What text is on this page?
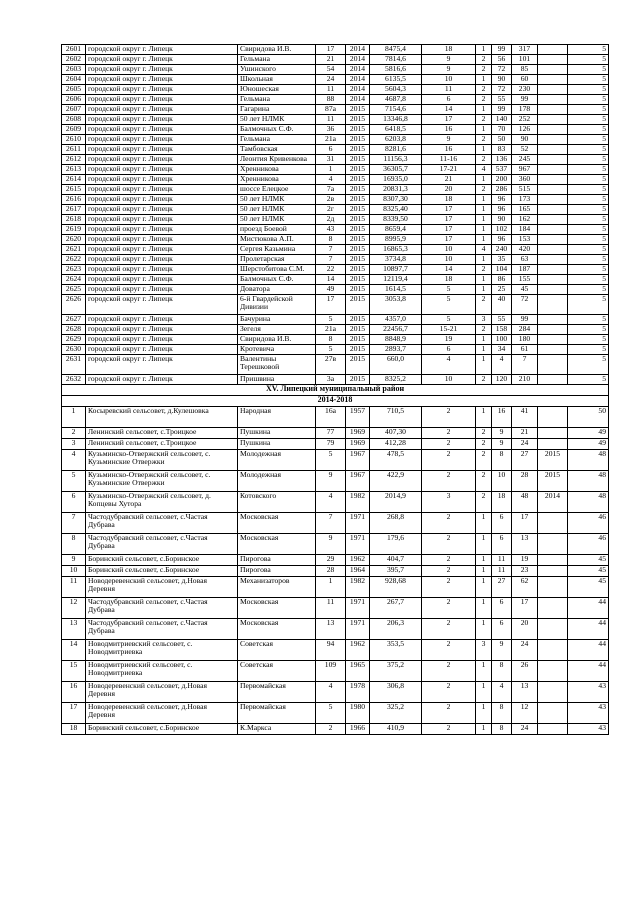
2601	городской округ г. Липецк	Свиридова И.В.	17	2014	8475,4	18	1	99	317		5
2602	городской округ г. Липецк	Гельмана	21	2014	7814,6	9	2	56	101		5
2603	городской округ г. Липецк	Ушинского	54	2014	5816,6	9	2	72	85		5
2604	городской округ г. Липецк	Школьная	24	2014	6135,5	10	1	90	60		5
2605	городской округ г. Липецк	Юношеская	11	2014	5604,3	11	2	72	230		5
2606	городской округ г. Липецк	Гельмана	88	2014	4687,8	6	2	55	99		5
2607	городской округ г. Липецк	Гагарина	87а	2015	7154,6	14	1	99	178		5
2608	городской округ г. Липецк	50 лет НЛМК	11	2015	13346,8	17	2	140	252		5
2609	городской округ г. Липецк	Балмочных С.Ф.	36	2015	6418,5	16	1	70	126		5
2610	городской округ г. Липецк	Гельмана	21а	2015	6203,8	9	2	50	90		5
2611	городской округ г. Липецк	Тамбовская	6	2015	8281,6	16	1	83	52		5
2612	городской округ г. Липецк	Леонтия Кривенкова	31	2015	11156,3	11-16	2	136	245		5
2613	городской округ г. Липецк	Хренникова	1	2015	36305,7	17-21	4	537	967		5
2614	городской округ г. Липецк	Хренникова	4	2015	16935,0	21	1	200	360		5
2615	городской округ г. Липецк	шоссе Елецкое	7а	2015	20831,3	20	2	286	515		5
2616	городской округ г. Липецк	50 лет НЛМК	2в	2015	8307,30	18	1	96	173		5
2617	городской округ г. Липецк	50 лет НЛМК	2г	2015	8325,40	17	1	96	165		5
2618	городской округ г. Липецк	50 лет НЛМК	2д	2015	8339,50	17	1	90	162		5
2619	городской округ г. Липецк	проезд Боевой	43	2015	8659,4	17	1	102	184		5
2620	городской округ г. Липецк	Мистюкова А.П.	8	2015	8995,9	17	1	96	153		5
2621	городской округ г. Липецк	Сергея Казьмина	7	2015	16865,3	10	4	240	420		5
2622	городской округ г. Липецк	Пролетарская	7	2015	3734,8	10	1	35	63		5
2623	городской округ г. Липецк	Шерстобитова С.М.	22	2015	10897,7	14	2	104	187		5
2624	городской округ г. Липецк	Балмочных С.Ф.	14	2015	12119,4	18	1	86	155		5
2625	городской округ г. Липецк	Доватора	49	2015	1614,5	5	1	25	45		5
2626	городской округ г. Липецк	6-й Гвардейской Дивизии	17	2015	3053,8	5	2	40	72		5
2627	городской округ г. Липецк	Бачурина	5	2015	4357,0	5	3	55	99		5
2628	городской округ г. Липецк	Зегеля	21а	2015	22456,7	15-21	2	158	284		5
2629	городской округ г. Липецк	Свиридова И.В.	8	2015	8848,9	19	1	100	180		5
2630	городской округ г. Липецк	Кротевича	5	2015	2893,7	6	1	34	61		5
2631	городской округ г. Липецк	Валентины Терешковой	27в	2015	660,0	4	1	4	7		5
2632	городской округ г. Липецк	Пришвина	3а	2015	8325,2	10	2	120	210		5
XV. Липецкий муниципальный район											
2014-2018											
1	Косыревский сельсовет, д.Кулешовка	Народная	16а	1957	710,5	2	1	16	41		50
2	Ленинский сельсовет, с.Троицкое	Пушкина	77	1969	407,30	2	2	9	21		49
3	Ленинский сельсовет, с.Троицкое	Пушкина	79	1969	412,28	2	2	9	24		49
4	Кузьминско-Отвержский сельсовет, с. Кузьминские Отвержки	Молодежная	5	1967	478,5	2	2	8	27	2015	48
5	Кузьминско-Отвержский сельсовет, с. Кузьминские Отвержки	Молодежная	9	1967	422,9	2	2	10	28	2015	48
6	Кузьминско-Отвержский сельсовет, д. Копцевы Хутора	Котовского	4	1982	2014,9	3	2	18	48	2014	48
7	Частодубравский сельсовет, с.Частая Дубрава	Московская	7	1971	268,8	2	1	6	17		46
8	Частодубравский сельсовет, с.Частая Дубрава	Московская	9	1971	179,6	2	1	6	13		46
9	Боринский сельсовет, с.Боринское	Пирогова	29	1962	404,7	2	1	11	19		45
10	Боринский сельсовет, с.Боринское	Пирогова	28	1964	395,7	2	1	11	23		45
11	Новодеревенский сельсовет, д.Новая Деревня	Механизаторов	1	1982	928,68	2	1	27	62		45
12	Частодубравский сельсовет, с.Частая Дубрава	Московская	11	1971	267,7	2	1	6	17		44
13	Частодубравский сельсовет, с.Частая Дубрава	Московская	13	1971	206,3	2	1	6	20		44
14	Новодмитриевский сельсовет, с. Новодмитриевка	Советская	94	1962	353,5	2	3	9	24		44
15	Новодмитриевский сельсовет, с. Новодмитриевка	Советская	109	1965	375,2	2	1	8	26		44
16	Новодеревенский сельсовет, д.Новая Деревня	Первомайская	4	1978	306,8	2	1	4	13		43
17	Новодеревенский сельсовет, д.Новая Деревня	Первомайская	5	1980	325,2	2	1	8	12		43
18	Боринский сельсовет, с.Боринское	К.Маркса	2	1966	410,9	2	1	8	24		43
